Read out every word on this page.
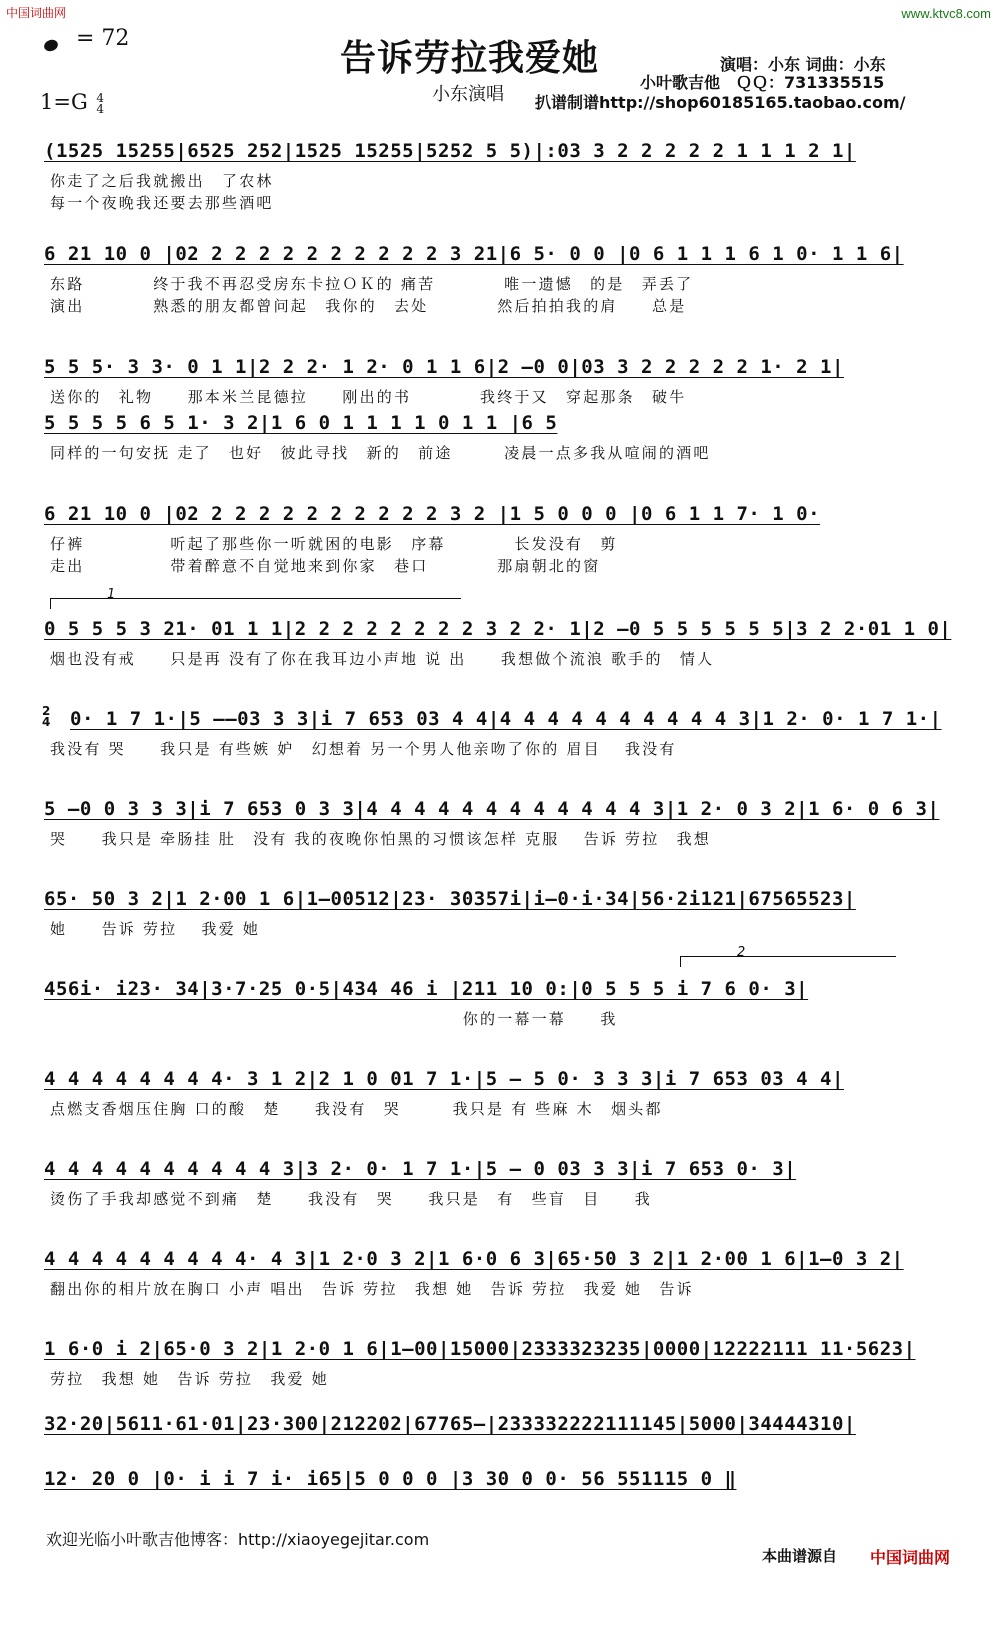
中国词曲网	www.ktvc8.com
= 72
1=G 4
4
告诉劳拉我爱她
小东演唱
演唱：小东 词曲：小东
小叶歌吉他　ＱＱ：731335515
扒谱制谱http://shop60185165.taobao.com/
1
2
2
4
(1525 15255|6525 252|1525 15255|5252 5 5)|:03 3 2 2 2 2 2 1 1 1 2 1|
你走了之后我就搬出　了农林
每一个夜晚我还要去那些酒吧
6 21 10 0 |02 2 2 2 2 2 2 2 2 2 2 3 21|6 5· 0 0 |0 6 1 1 1 6 1 0· 1 1 6|
东路　　　　终于我不再忍受房东卡拉ＯＫ的 痛苦　　　　唯一遗憾　的是　弄丢了
演出　　　　熟悉的朋友都曾问起　我你的　去处　　　　然后拍拍我的肩　　总是
5 5 5· 3 3· 0 1 1|2 2 2· 1 2· 0 1 1 6|2 —0 0|03 3 2 2 2 2 2 1· 2 1|
送你的　礼物　　那本米兰昆德拉　　刚出的书　　　　我终于又　穿起那条　破牛
5 5 5 5 6 5 1· 3 2|1 6 0 1 1 1 1 0 1 1 |6 5
同样的一句安抚 走了　也好　彼此寻找　新的　前途　　　凌晨一点多我从喧闹的酒吧
6 21 10 0 |02 2 2 2 2 2 2 2 2 2 2 3 2 |1 5 0 0 0 |0 6 1 1 7· 1 0·
仔裤　　　　　听起了那些你一听就困的电影　序幕　　　　长发没有　剪
走出　　　　　带着醉意不自觉地来到你家　巷口　　　　那扇朝北的窗
0 5 5 5 3 21· 01 1 1|2 2 2 2 2 2 2 2 3 2 2· 1|2 —0 5 5 5 5 5 5|3 2 2·01 1 0|
烟也没有戒　　只是再 没有了你在我耳边小声地 说 出　　我想做个流浪 歌手的　情人
0· 1 7 1·|5 ——03 3 3|i 7 653 03 4 4|4 4 4 4 4 4 4 4 4 4 3|1 2· 0· 1 7 1·|
我没有 哭　　我只是 有些嫉 妒　幻想着 另一个男人他亲吻了你的 眉目　 我没有
5 —0 0 3 3 3|i 7 653 0 3 3|4 4 4 4 4 4 4 4 4 4 4 4 3|1 2· 0 3 2|1 6· 0 6 3|
哭　　我只是 牵肠挂 肚　没有 我的夜晚你怕黑的习惯该怎样 克服　 告诉 劳拉　我想
65· 50 3 2|1 2·00 1 6|1—00512|23· 30357i|i—0·i·34|56·2i121|67565523|
她　　告诉 劳拉　 我爱 她
456i· i23· 34|3·7·25 0·5|434 46 i |211 10 0:|0 5 5 5 i 7 6 0· 3|
　　　　　　　　　　　　　　　　　　　　　　　　你的一幕一幕　　我
4 4 4 4 4 4 4 4· 3 1 2|2 1 0 01 7 1·|5 — 5 0· 3 3 3|i 7 653 03 4 4|
点燃支香烟压住胸 口的酸　楚　　我没有　哭　　　我只是 有 些麻 木　烟头都
4 4 4 4 4 4 4 4 4 4 3|3 2· 0· 1 7 1·|5 — 0 03 3 3|i 7 653 0· 3|
烫伤了手我却感觉不到痛　楚　　我没有　哭　　我只是　有　些盲　目　　我
4 4 4 4 4 4 4 4 4· 4 3|1 2·0 3 2|1 6·0 6 3|65·50 3 2|1 2·00 1 6|1—0 3 2|
翻出你的相片放在胸口 小声 唱出　告诉 劳拉　我想 她　告诉 劳拉　我爱 她　告诉
1 6·0 i 2|65·0 3 2|1 2·0 1 6|1—00|15000|2333323235|0000|12222111 11·5623|
劳拉　我想 她　告诉 劳拉　我爱 她
32·20|5611·61·01|23·300|212202|67765—|233332222111145|5000|34444310|
12· 20 0 |0· i i 7 i· i65|5 0 0 0 |3 30 0 0· 56 551115 0 ‖
欢迎光临小叶歌吉他博客：http://xiaoyegejitar.com
本曲谱源自 中国词曲网
